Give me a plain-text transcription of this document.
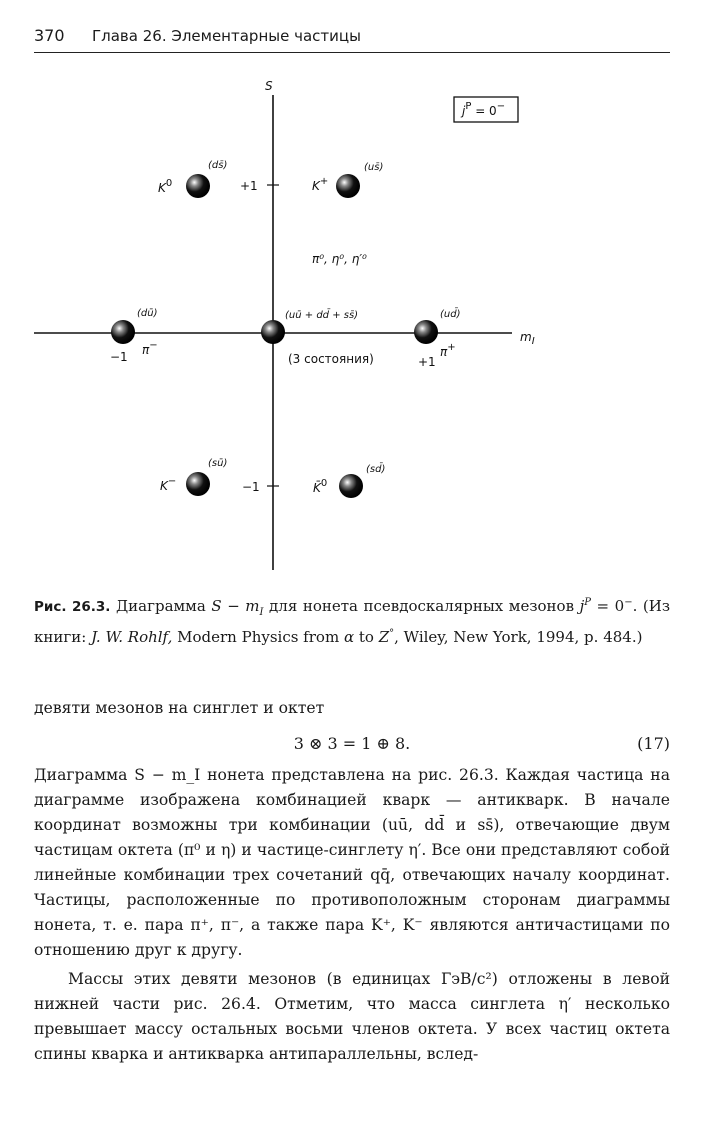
370 Глава 26. Элементарные частицы
S
$m_I$
+1
−1
$j^P = 0^-$
$K^0$
(ds̄)
K+
(us̄)
π⁰, η⁰, η′⁰
(dū)
−1 π−
(uū + dd̄ + ss̄)
(3 состояния)
(ud̄)
+1
π+
K−
(sū)
K̄$^0$
(sd̄)
Рис. 26.3. Диаграмма $S - m_I$ для нонета псевдоскалярных мезонов $j^P = 0^-$. (Из книги: J. W. Rohlf, Modern Physics from α to Z°, Wiley, New York, 1994, p. 484.)

девяти мезонов на синглет и октет

3 ⊗ 3 = 1 ⊕ 8.	(17)

Диаграмма S − m_I нонета представлена на рис. 26.3. Каждая частица на диаграмме изображена комбинацией кварк — антикварк. В начале координат возможны три комбинации (uū, dd̄ и ss̄), отвечающие двум частицам октета (π⁰ и η) и частице-синглету η′. Все они представляют собой линейные комбинации трех сочетаний qq̄, отвечающих началу координат. Частицы, расположенные по противоположным сторонам диаграммы нонета, т. е. пара π⁺, π⁻, а также пара K⁺, K⁻ являются античастицами по отношению друг к другу.

Массы этих девяти мезонов (в единицах ГэВ/c²) отложены в левой нижней части рис. 26.4. Отметим, что масса синглета η′ несколько превышает массу остальных восьми членов октета. У всех частиц октета спины кварка и антикварка антипараллельны, вслед-
